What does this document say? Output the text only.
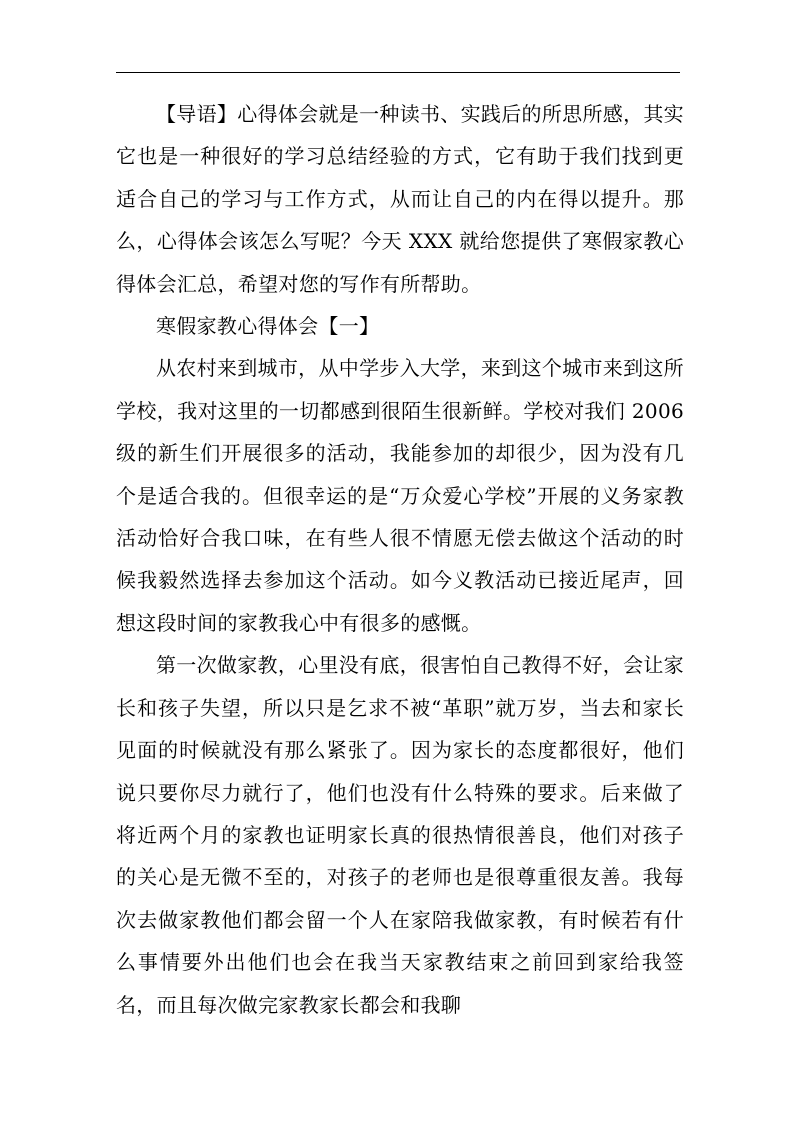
【导语】心得体会就是一种读书、实践后的所思所感，其实它也是一种很好的学习总结经验的方式，它有助于我们找到更适合自己的学习与工作方式，从而让自己的内在得以提升。那么，心得体会该怎么写呢？今天 XXX 就给您提供了寒假家教心得体会汇总，希望对您的写作有所帮助。

寒假家教心得体会【一】

从农村来到城市，从中学步入大学，来到这个城市来到这所学校，我对这里的一切都感到很陌生很新鲜。学校对我们 2006 级的新生们开展很多的活动，我能参加的却很少，因为没有几个是适合我的。但很幸运的是“万众爱心学校”开展的义务家教活动恰好合我口味，在有些人很不情愿无偿去做这个活动的时候我毅然选择去参加这个活动。如今义教活动已接近尾声，回想这段时间的家教我心中有很多的感慨。

第一次做家教，心里没有底，很害怕自己教得不好，会让家长和孩子失望，所以只是乞求不被“革职”就万岁，当去和家长见面的时候就没有那么紧张了。因为家长的态度都很好，他们说只要你尽力就行了，他们也没有什么特殊的要求。后来做了将近两个月的家教也证明家长真的很热情很善良，他们对孩子的关心是无微不至的，对孩子的老师也是很尊重很友善。我每次去做家教他们都会留一个人在家陪我做家教，有时候若有什么事情要外出他们也会在我当天家教结束之前回到家给我签名，而且每次做完家教家长都会和我聊
